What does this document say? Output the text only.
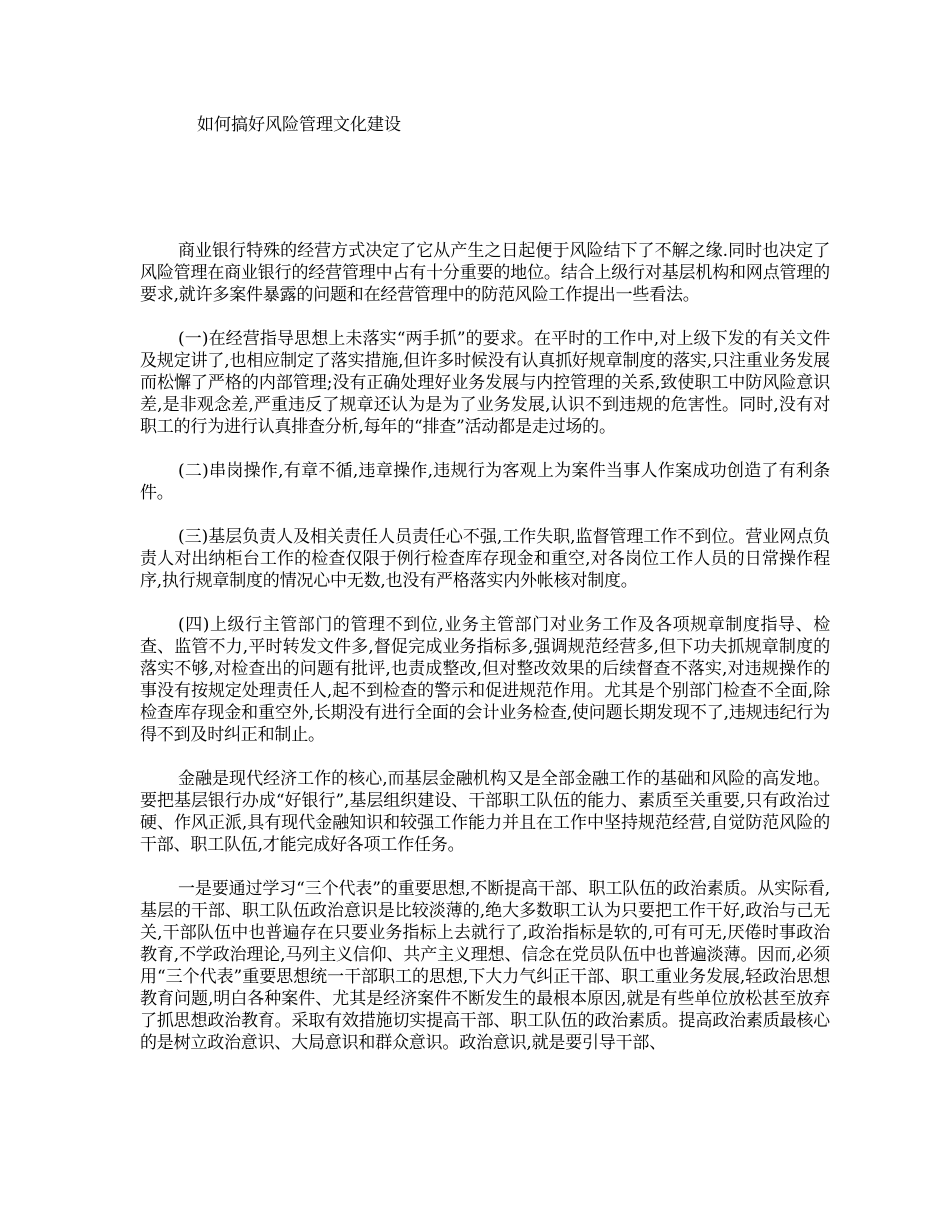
如何搞好风险管理文化建设

商业银行特殊的经营方式决定了它从产生之日起便于风险结下了不解之缘.同时也决定了风险管理在商业银行的经营管理中占有十分重要的地位。结合上级行对基层机构和网点管理的要求,就许多案件暴露的问题和在经营管理中的防范风险工作提出一些看法。

(一)在经营指导思想上未落实“两手抓”的要求。在平时的工作中,对上级下发的有关文件及规定讲了,也相应制定了落实措施,但许多时候没有认真抓好规章制度的落实,只注重业务发展而松懈了严格的内部管理;没有正确处理好业务发展与内控管理的关系,致使职工中防风险意识差,是非观念差,严重违反了规章还认为是为了业务发展,认识不到违规的危害性。同时,没有对职工的行为进行认真排查分析,每年的“排查”活动都是走过场的。

(二)串岗操作,有章不循,违章操作,违规行为客观上为案件当事人作案成功创造了有利条件。

(三)基层负责人及相关责任人员责任心不强,工作失职,监督管理工作不到位。营业网点负责人对出纳柜台工作的检查仅限于例行检查库存现金和重空,对各岗位工作人员的日常操作程序,执行规章制度的情况心中无数,也没有严格落实内外帐核对制度。

(四)上级行主管部门的管理不到位,业务主管部门对业务工作及各项规章制度指导、检查、监管不力,平时转发文件多,督促完成业务指标多,强调规范经营多,但下功夫抓规章制度的落实不够,对检查出的问题有批评,也责成整改,但对整改效果的后续督查不落实,对违规操作的事没有按规定处理责任人,起不到检查的警示和促进规范作用。尤其是个别部门检查不全面,除检查库存现金和重空外,长期没有进行全面的会计业务检查,使问题长期发现不了,违规违纪行为得不到及时纠正和制止。

金融是现代经济工作的核心,而基层金融机构又是全部金融工作的基础和风险的高发地。要把基层银行办成“好银行”,基层组织建设、干部职工队伍的能力、素质至关重要,只有政治过硬、作风正派,具有现代金融知识和较强工作能力并且在工作中坚持规范经营,自觉防范风险的干部、职工队伍,才能完成好各项工作任务。

一是要通过学习“三个代表”的重要思想,不断提高干部、职工队伍的政治素质。从实际看,基层的干部、职工队伍政治意识是比较淡薄的,绝大多数职工认为只要把工作干好,政治与己无关,干部队伍中也普遍存在只要业务指标上去就行了,政治指标是软的,可有可无,厌倦时事政治教育,不学政治理论,马列主义信仰、共产主义理想、信念在党员队伍中也普遍淡薄。因而,必须用“三个代表”重要思想统一干部职工的思想,下大力气纠正干部、职工重业务发展,轻政治思想教育问题,明白各种案件、尤其是经济案件不断发生的最根本原因,就是有些单位放松甚至放弃了抓思想政治教育。采取有效措施切实提高干部、职工队伍的政治素质。提高政治素质最核心的是树立政治意识、大局意识和群众意识。政治意识,就是要引导干部、
